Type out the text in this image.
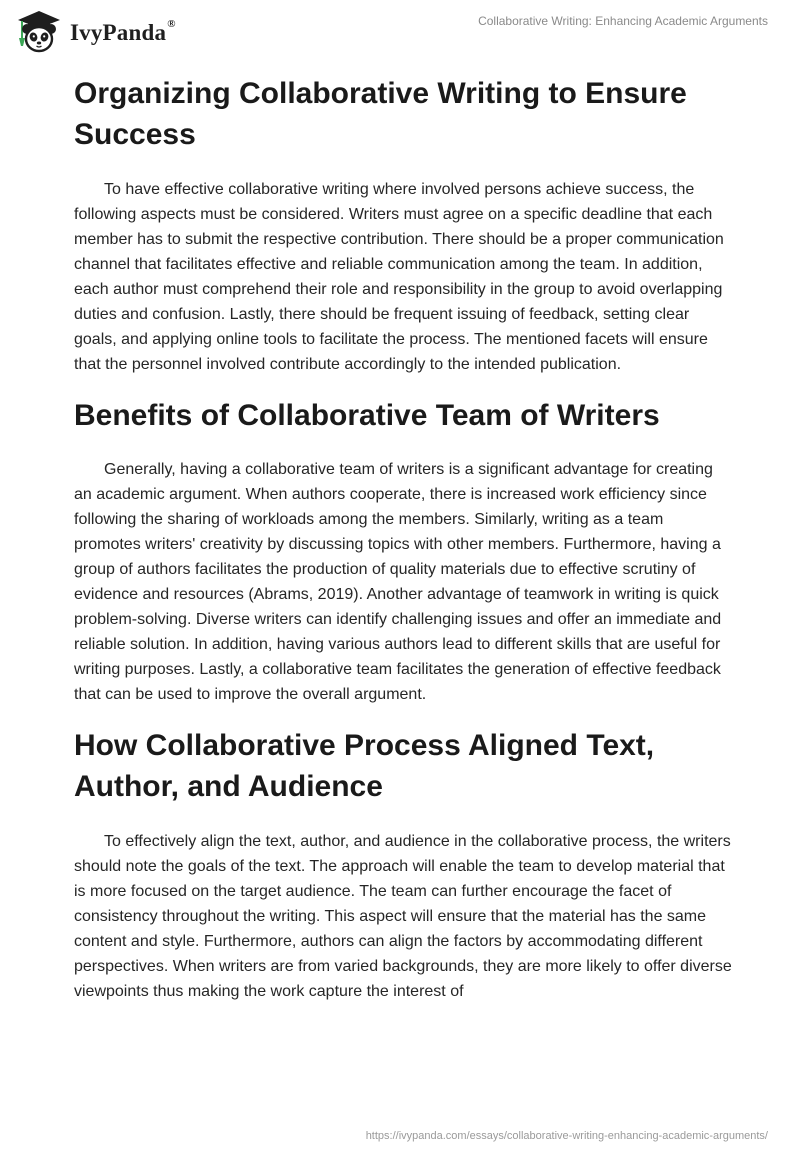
IvyPanda®	Collaborative Writing: Enhancing Academic Arguments
Organizing Collaborative Writing to Ensure Success

To have effective collaborative writing where involved persons achieve success, the following aspects must be considered. Writers must agree on a specific deadline that each member has to submit the respective contribution. There should be a proper communication channel that facilitates effective and reliable communication among the team. In addition, each author must comprehend their role and responsibility in the group to avoid overlapping duties and confusion. Lastly, there should be frequent issuing of feedback, setting clear goals, and applying online tools to facilitate the process. The mentioned facets will ensure that the personnel involved contribute accordingly to the intended publication.

Benefits of Collaborative Team of Writers

Generally, having a collaborative team of writers is a significant advantage for creating an academic argument. When authors cooperate, there is increased work efficiency since following the sharing of workloads among the members. Similarly, writing as a team promotes writers' creativity by discussing topics with other members. Furthermore, having a group of authors facilitates the production of quality materials due to effective scrutiny of evidence and resources (Abrams, 2019). Another advantage of teamwork in writing is quick problem-solving. Diverse writers can identify challenging issues and offer an immediate and reliable solution. In addition, having various authors lead to different skills that are useful for writing purposes. Lastly, a collaborative team facilitates the generation of effective feedback that can be used to improve the overall argument.

How Collaborative Process Aligned Text, Author, and Audience

To effectively align the text, author, and audience in the collaborative process, the writers should note the goals of the text. The approach will enable the team to develop material that is more focused on the target audience. The team can further encourage the facet of consistency throughout the writing. This aspect will ensure that the material has the same content and style. Furthermore, authors can align the factors by accommodating different perspectives. When writers are from varied backgrounds, they are more likely to offer diverse viewpoints thus making the work capture the interest of

https://ivypanda.com/essays/collaborative-writing-enhancing-academic-arguments/
